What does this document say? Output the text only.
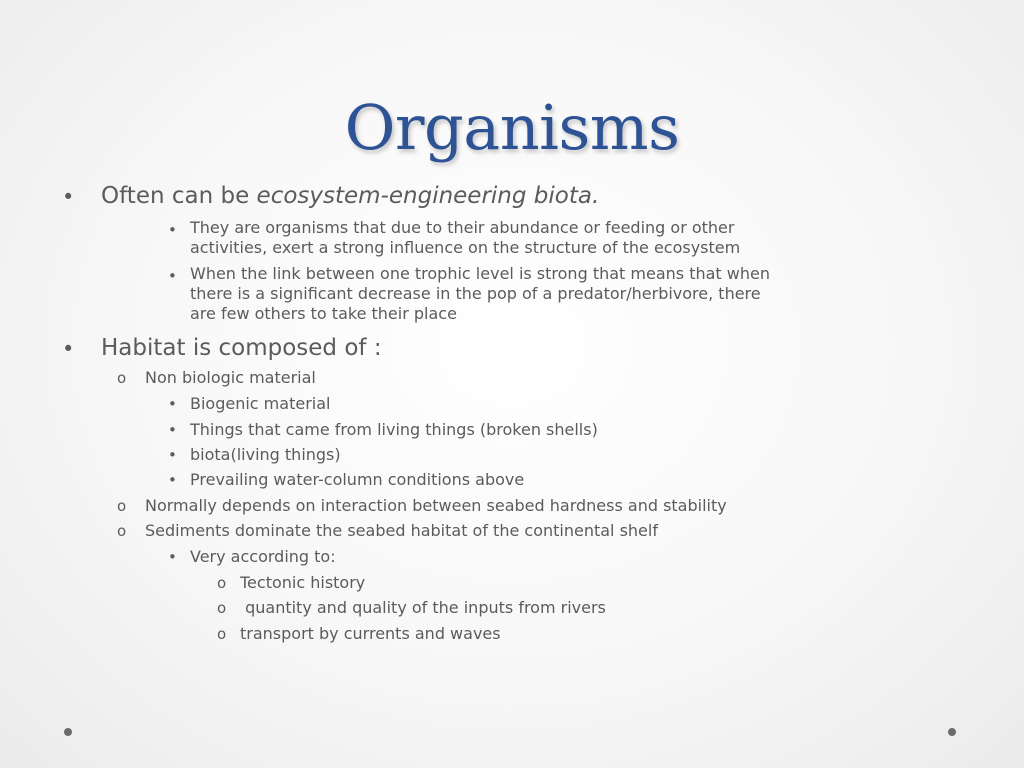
Organisms
• Often can be ecosystem-engineering biota.
• They are organisms that due to their abundance or feeding or other
activities, exert a strong influence on the structure of the ecosystem
• When the link between one trophic level is strong that means that when
there is a significant decrease in the pop of a predator/herbivore, there
are few others to take their place
• Habitat is composed of :
o Non biologic material
• Biogenic material
• Things that came from living things (broken shells)
• biota(living things)
• Prevailing water-column conditions above
o Normally depends on interaction between seabed hardness and stability
o Sediments dominate the seabed habitat of the continental shelf
• Very according to:
o Tectonic history
o quantity and quality of the inputs from rivers
o transport by currents and waves
